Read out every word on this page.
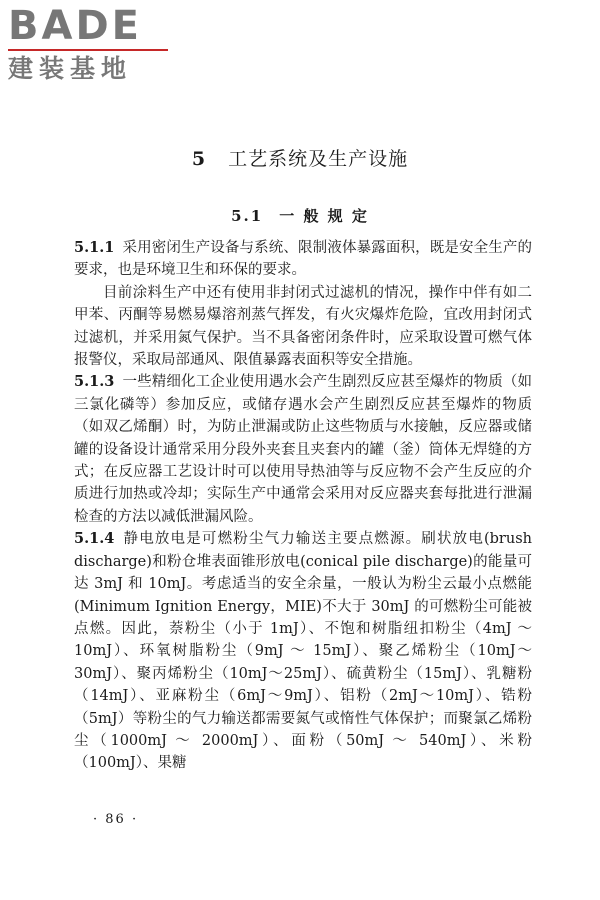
BADE
建装基地
5 工艺系统及生产设施
5.1 一 般 规 定

5.1.1 采用密闭生产设备与系统、限制液体暴露面积，既是安全生产的要求，也是环境卫生和环保的要求。

目前涂料生产中还有使用非封闭式过滤机的情况，操作中伴有如二甲苯、丙酮等易燃易爆溶剂蒸气挥发，有火灾爆炸危险，宜改用封闭式过滤机，并采用氮气保护。当不具备密闭条件时，应采取设置可燃气体报警仪，采取局部通风、限值暴露表面积等安全措施。

5.1.3 一些精细化工企业使用遇水会产生剧烈反应甚至爆炸的物质（如三氯化磷等）参加反应，或储存遇水会产生剧烈反应甚至爆炸的物质（如双乙烯酮）时，为防止泄漏或防止这些物质与水接触，反应器或储罐的设备设计通常采用分段外夹套且夹套内的罐（釜）筒体无焊缝的方式；在反应器工艺设计时可以使用导热油等与反应物不会产生反应的介质进行加热或冷却；实际生产中通常会采用对反应器夹套每批进行泄漏检查的方法以减低泄漏风险。

5.1.4 静电放电是可燃粉尘气力输送主要点燃源。刷状放电(brush discharge)和粉仓堆表面锥形放电(conical pile discharge)的能量可达 3mJ 和 10mJ。考虑适当的安全余量，一般认为粉尘云最小点燃能(Minimum Ignition Energy，MIE)不大于 30mJ 的可燃粉尘可能被点燃。因此，萘粉尘（小于 1mJ）、不饱和树脂纽扣粉尘（4mJ ～ 10mJ）、环氧树脂粉尘（9mJ ～ 15mJ）、聚乙烯粉尘（10mJ～30mJ）、聚丙烯粉尘（10mJ～25mJ）、硫黄粉尘（15mJ）、乳糖粉（14mJ）、亚麻粉尘（6mJ～9mJ）、铝粉（2mJ～10mJ）、锆粉（5mJ）等粉尘的气力输送都需要氮气或惰性气体保护；而聚氯乙烯粉尘（1000mJ ～ 2000mJ）、面粉（50mJ ～ 540mJ）、米粉（100mJ）、果糖

· 86 ·
